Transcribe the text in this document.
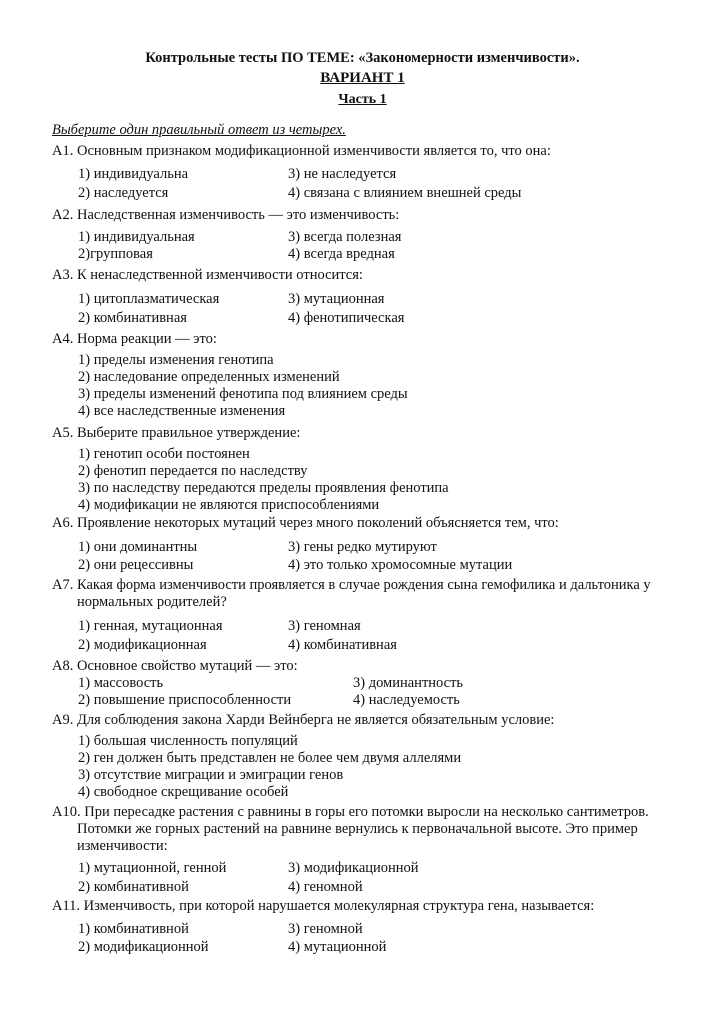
Контрольные тесты ПО ТЕМЕ: «Закономерности изменчивости».
ВАРИАНТ 1
Часть 1
Выберите один правильный ответ из четырех.
А1. Основным признаком модификационной изменчивости является то, что она:
1) индивидуальна	3) не наследуется
2) наследуется	4) связана с влиянием внешней среды
А2. Наследственная изменчивость — это изменчивость:
1) индивидуальная	3) всегда полезная
2)групповая	4) всегда вредная
А3. К ненаследственной изменчивости относится:
1) цитоплазматическая	3) мутационная
2) комбинативная	4) фенотипическая
А4. Норма реакции — это:
1) пределы изменения генотипа
2) наследование определенных изменений
3) пределы изменений фенотипа под влиянием среды
4) все наследственные изменения
А5. Выберите правильное утверждение:
1) генотип особи постоянен
2) фенотип передается по наследству
3) по наследству передаются пределы проявления фенотипа
4) модификации не являются приспособлениями
А6. Проявление некоторых мутаций через много поколений объясняется тем, что:
1) они доминантны	3) гены редко мутируют
2) они рецессивны	4) это только хромосомные мутации
А7. Какая форма изменчивости проявляется в случае рождения сына гемофилика и дальтоника у
нормальных родителей?
1) генная, мутационная	3) геномная
2) модификационная	4) комбинативная
А8. Основное свойство мутаций — это:
1) массовость	3) доминантность
2) повышение приспособленности	4) наследуемость
А9. Для соблюдения закона Харди Вейнберга не является обязательным условие:
1) большая численность популяций
2) ген должен быть представлен не более чем двумя аллелями
3) отсутствие миграции и эмиграции генов
4) свободное скрещивание особей
А10. При пересадке растения с равнины в горы его потомки выросли на несколько сантиметров.
Потомки же горных растений на равнине вернулись к первоначальной высоте. Это пример
изменчивости:
1) мутационной, генной	3) модификационной
2) комбинативной	4) геномной
А11. Изменчивость, при которой нарушается молекулярная структура гена, называется:
1) комбинативной	3) геномной
2) модификационной	4) мутационной
